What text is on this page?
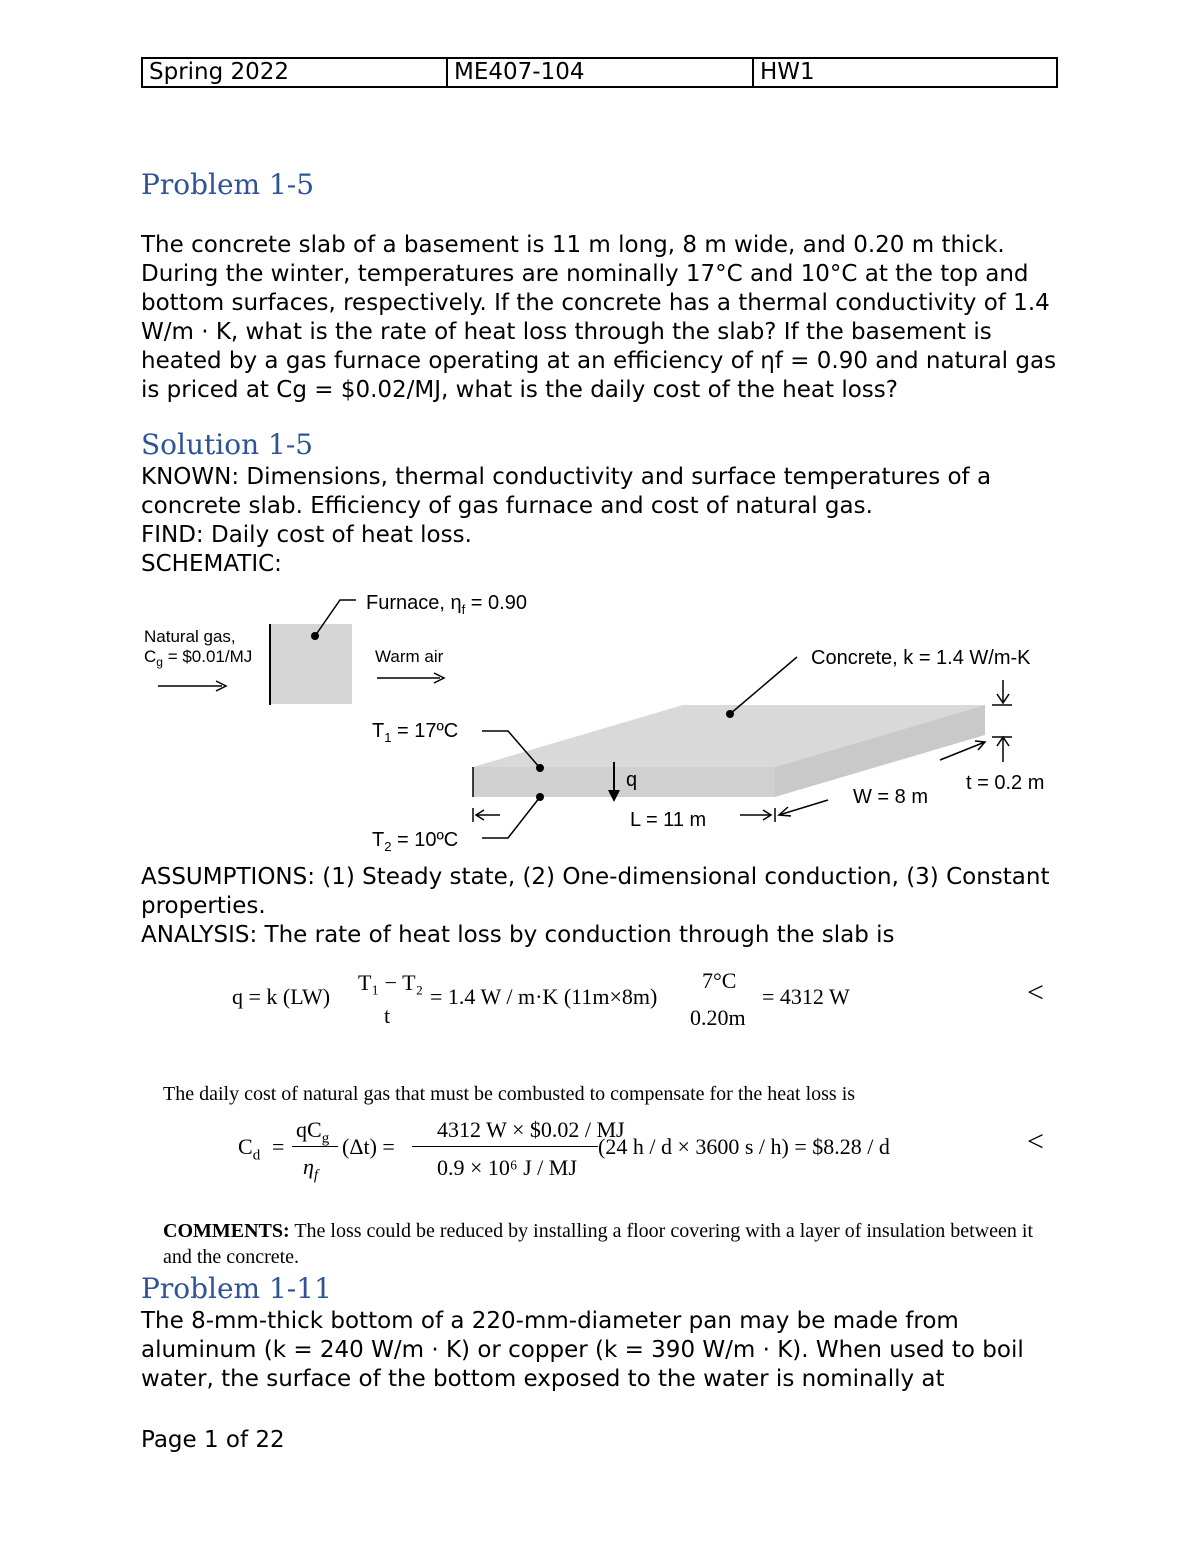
Spring 2022	ME407-104	HW1
Problem 1-5

The concrete slab of a basement is 11 m long, 8 m wide, and 0.20 m thick. During the winter, temperatures are nominally 17°C and 10°C at the top and bottom surfaces, respectively. If the concrete has a thermal conductivity of 1.4 W/m · K, what is the rate of heat loss through the slab? If the basement is heated by a gas furnace operating at an efficiency of ηf = 0.90 and natural gas is priced at Cg = $0.02/MJ, what is the daily cost of the heat loss?

Solution 1-5

KNOWN: Dimensions, thermal conductivity and surface temperatures of a concrete slab. Efficiency of gas furnace and cost of natural gas.

FIND: Daily cost of heat loss.

SCHEMATIC:

Furnace, $\eta_f = 0.90$
Natural gas,
$C_g$ = $0.01/MJ	Warm air	Concrete, k = 1.4 W/m-K
$T_1$ = 17ºC
$T_2$ = 10ºC
q
L = 11 m
W = 8 m
t = 0.2 m

ASSUMPTIONS: (1) Steady state, (2) One-dimensional conduction, (3) Constant properties.

ANALYSIS: The rate of heat loss by conduction through the slab is

q = k (LW)
T₁ − T₂
t
= 1.4 W / m·K (11m×8m)
7°C
0.20m
= 4312 W	<

The daily cost of natural gas that must be combusted to compensate for the heat loss is

$C_d$ =
$qC_g$
$\eta_f$
(Δt) =
4312 W × $0.02 / MJ
0.9 × 10⁶ J / MJ
(24 h / d × 3600 s / h) = $8.28 / d	<

COMMENTS: The loss could be reduced by installing a floor covering with a layer of insulation between it and the concrete.

Problem 1-11

The 8-mm-thick bottom of a 220-mm-diameter pan may be made from aluminum (k = 240 W/m · K) or copper (k = 390 W/m · K). When used to boil water, the surface of the bottom exposed to the water is nominally at

Page 1 of 22
